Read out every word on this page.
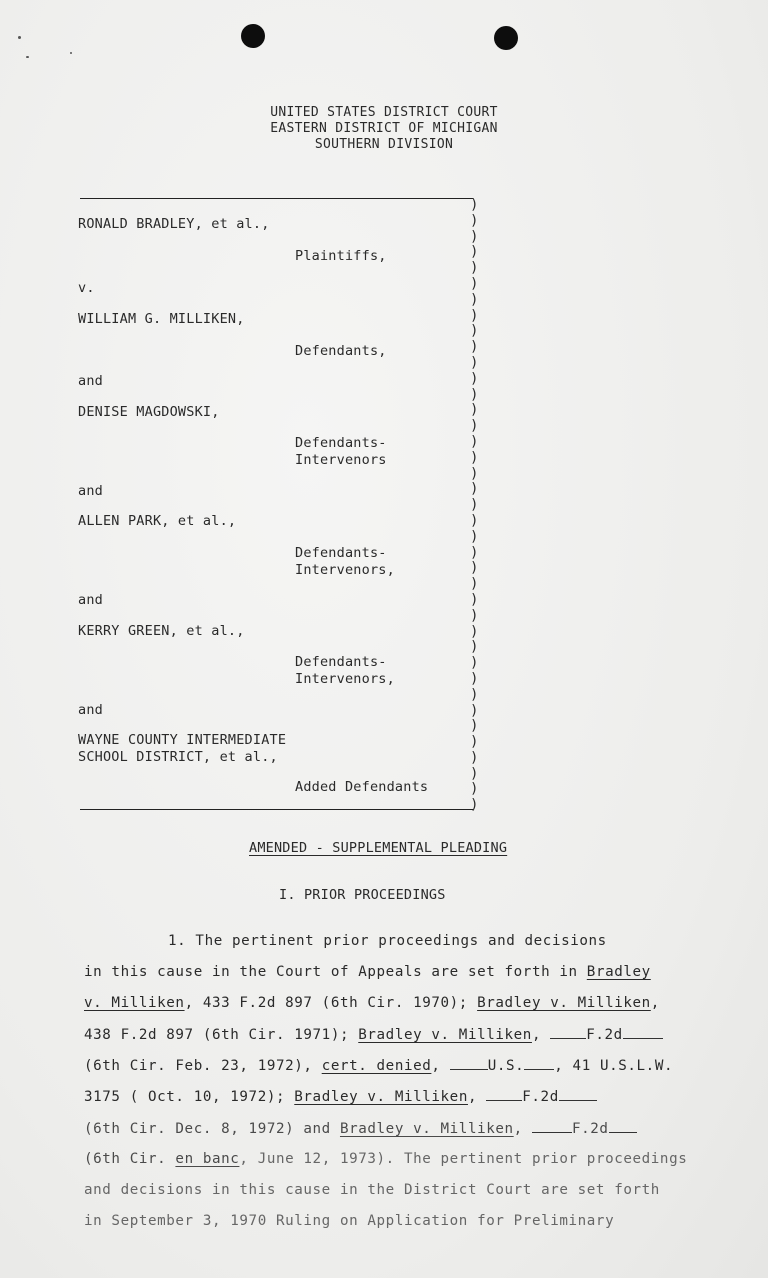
UNITED STATES DISTRICT COURT
EASTERN DISTRICT OF MICHIGAN
SOUTHERN DIVISION
)
)
)
)
)
)
)
)
)
)
)
)
)
)
)
)
)
)
)
)
)
)
)
)
)
)
)
)
)
)
)
)
)
)
)
)
)
)
)
RONALD BRADLEY, et al.,
Plaintiffs,
v.
WILLIAM G. MILLIKEN,
Defendants,
and
DENISE MAGDOWSKI,
Defendants-
Intervenors
and
ALLEN PARK, et al.,
Defendants-
Intervenors,
and
KERRY GREEN, et al.,
Defendants-
Intervenors,
and
WAYNE COUNTY INTERMEDIATE
SCHOOL DISTRICT, et al.,
Added Defendants
AMENDED - SUPPLEMENTAL PLEADING
I. PRIOR PROCEEDINGS
1. The pertinent prior proceedings and decisions
in this cause in the Court of Appeals are set forth in Bradley
v. Milliken, 433 F.2d 897 (6th Cir. 1970); Bradley v. Milliken,
438 F.2d 897 (6th Cir. 1971); Bradley v. Milliken,	F.2d
(6th Cir. Feb. 23, 1972), cert. denied,	U.S. , 41 U.S.L.W.
3175 ( Oct. 10, 1972); Bradley v. Milliken,	F.2d
(6th Cir. Dec. 8, 1972) and Bradley v. Milliken,	F.2d
(6th Cir. en banc, June 12, 1973). The pertinent prior proceedings
and decisions in this cause in the District Court are set forth
in September 3, 1970 Ruling on Application for Preliminary
